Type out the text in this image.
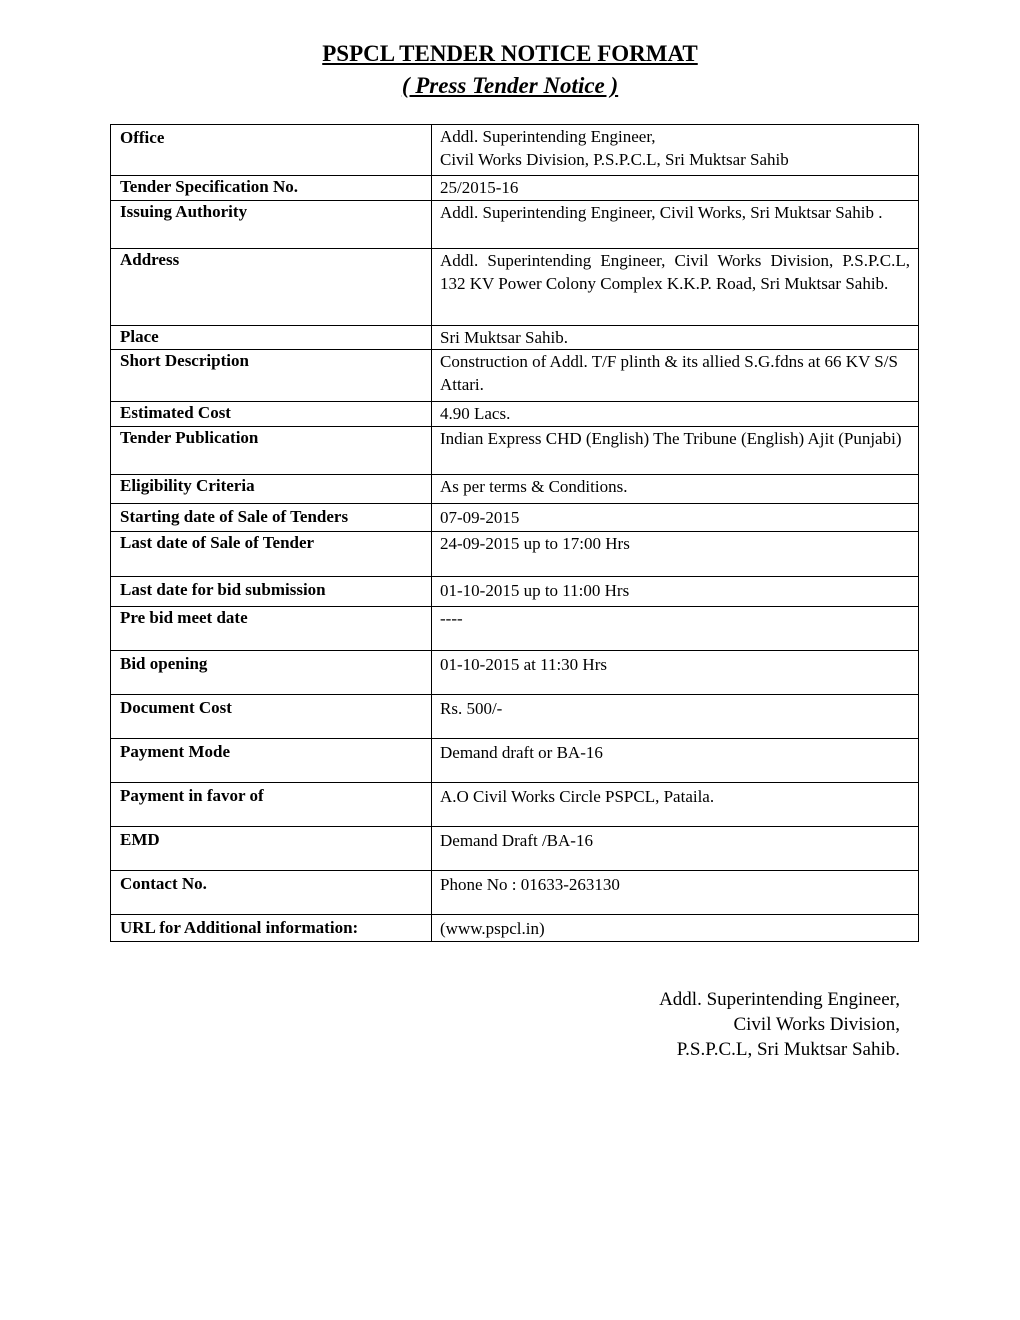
PSPCL TENDER NOTICE FORMAT
( Press Tender Notice )
Office	Addl. Superintending Engineer,
Civil Works Division, P.S.P.C.L, Sri Muktsar Sahib

Tender Specification No.	25/2015-16
Issuing Authority	Addl. Superintending Engineer, Civil Works, Sri Muktsar Sahib .
Address	Addl. Superintending Engineer, Civil Works Division, P.S.P.C.L, 132 KV Power Colony Complex K.K.P. Road, Sri Muktsar Sahib.
Place	Sri Muktsar Sahib.
Short Description	Construction of Addl. T/F plinth & its allied S.G.fdns at 66 KV S/S Attari.
Estimated Cost	4.90 Lacs.
Tender Publication	Indian Express CHD (English) The Tribune (English) Ajit (Punjabi)
Eligibility Criteria	As per terms & Conditions.
Starting date of Sale of Tenders	07-09-2015
Last date of Sale of Tender	24-09-2015 up to 17:00 Hrs
Last date for bid submission	01-10-2015 up to 11:00 Hrs
Pre bid meet date	----
Bid opening	01-10-2015 at 11:30 Hrs
Document Cost	Rs. 500/-
Payment Mode	Demand draft or BA-16
Payment in favor of	A.O Civil Works Circle PSPCL, Pataila.
EMD	Demand Draft /BA-16
Contact No.	Phone No : 01633-263130
URL for Additional information:	(www.pspcl.in)
Addl. Superintending Engineer,
Civil Works Division,
P.S.P.C.L, Sri Muktsar Sahib.
